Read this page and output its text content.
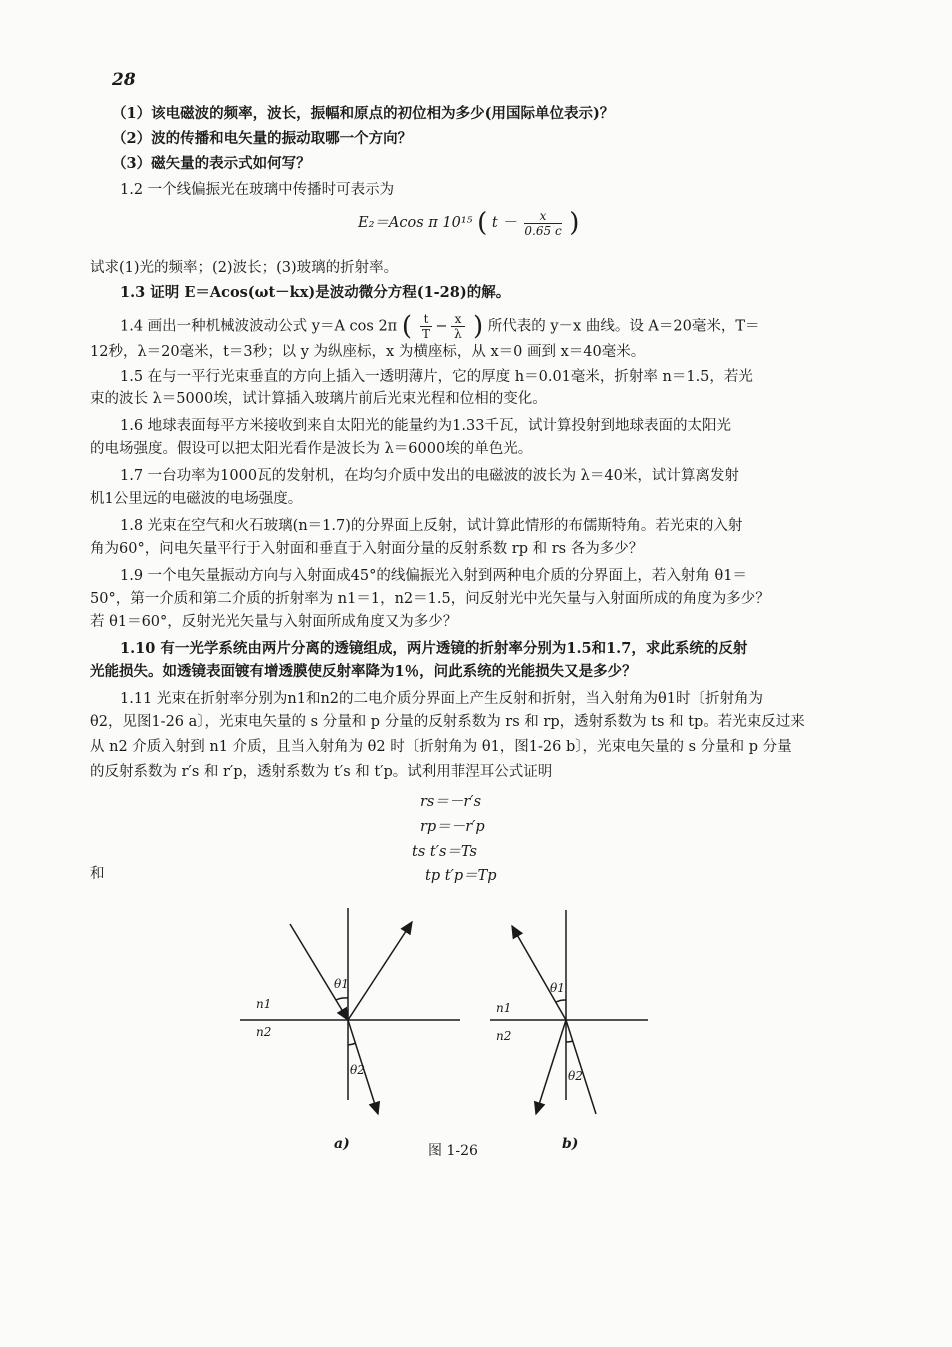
28
（1）该电磁波的频率，波长，振幅和原点的初位相为多少(用国际单位表示)？
（2）波的传播和电矢量的振动取哪一个方向？
（3）磁矢量的表示式如何写？
1.2 一个线偏振光在玻璃中传播时可表示为
E₂＝Acos π 10¹⁵ ( $t - \frac{x}{0.65 c}$ )
试求(1)光的频率；(2)波长；(3)玻璃的折射率。
1.3 证明 E＝Acos(ωt－kx)是波动微分方程(1-28)的解。
1.4 画出一种机械波波动公式 y＝A cos 2π ( $\frac{t}{T} - \frac{x}{\lambda}$ ) 所代表的 y－x 曲线。设 A＝20毫米，T＝
12秒，λ＝20毫米，t＝3秒；以 y 为纵座标，x 为横座标，从 x＝0 画到 x＝40毫米。
1.5 在与一平行光束垂直的方向上插入一透明薄片，它的厚度 h＝0.01毫米，折射率 n＝1.5，若光
束的波长 λ＝5000埃，试计算插入玻璃片前后光束光程和位相的变化。
1.6 地球表面每平方米接收到来自太阳光的能量约为1.33千瓦，试计算投射到地球表面的太阳光
的电场强度。假设可以把太阳光看作是波长为 λ＝6000埃的单色光。
1.7 一台功率为1000瓦的发射机，在均匀介质中发出的电磁波的波长为 λ＝40米，试计算离发射
机1公里远的电磁波的电场强度。
1.8 光束在空气和火石玻璃(n＝1.7)的分界面上反射，试计算此情形的布儒斯特角。若光束的入射
角为60°，问电矢量平行于入射面和垂直于入射面分量的反射系数 rp 和 rs 各为多少？
1.9 一个电矢量振动方向与入射面成45°的线偏振光入射到两种电介质的分界面上，若入射角 θ1＝
50°，第一介质和第二介质的折射率为 n1＝1，n2＝1.5，问反射光中光矢量与入射面所成的角度为多少？
若 θ1＝60°，反射光光矢量与入射面所成角度又为多少？
1.10 有一光学系统由两片分离的透镜组成，两片透镜的折射率分别为1.5和1.7，求此系统的反射
光能损失。如透镜表面镀有增透膜使反射率降为1％，问此系统的光能损失又是多少？
1.11 光束在折射率分别为n1和n2的二电介质分界面上产生反射和折射，当入射角为θ1时〔折射角为
θ2，见图1-26 a〕，光束电矢量的 s 分量和 p 分量的反射系数为 rs 和 rp，透射系数为 ts 和 tp。若光束反过来
从 n2 介质入射到 n1 介质，且当入射角为 θ2 时〔折射角为 θ1，图1-26 b〕，光束电矢量的 s 分量和 p 分量
的反射系数为 r′s 和 r′p，透射系数为 t′s 和 t′p。试利用菲涅耳公式证明
rs＝－r′s
rp＝－r′p
ts t′s＝Ts
和	tp t′p＝Tp
n1
n2
θ1
θ2
n1
n2
θ1
θ2
a)	图 1-26	b)
